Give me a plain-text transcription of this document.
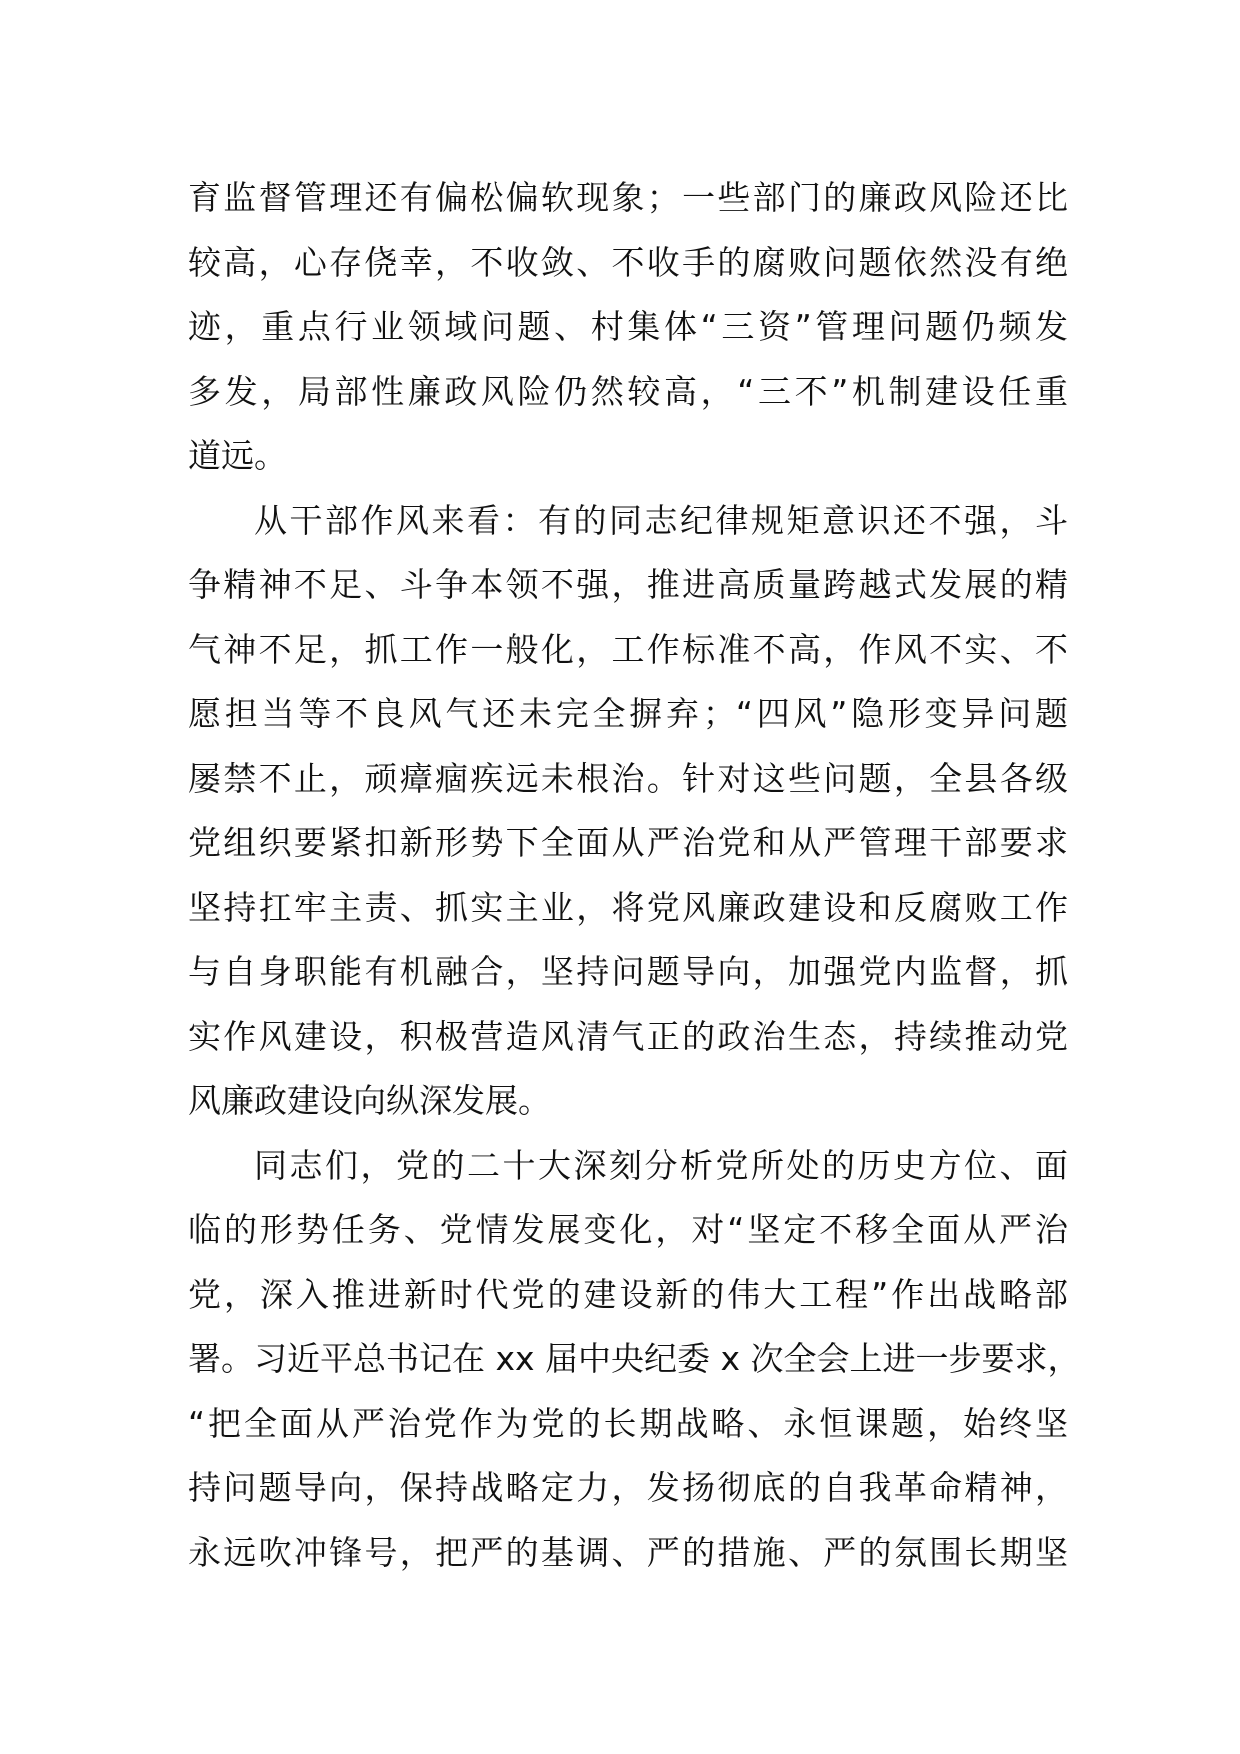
育监督管理还有偏松偏软现象；一些部门的廉政风险还比
较高，心存侥幸，不收敛、不收手的腐败问题依然没有绝
迹，重点行业领域问题、村集体“三资”管理问题仍频发
多发，局部性廉政风险仍然较高，“三不”机制建设任重
道远。
从干部作风来看：有的同志纪律规矩意识还不强，斗
争精神不足、斗争本领不强，推进高质量跨越式发展的精
气神不足，抓工作一般化，工作标准不高，作风不实、不
愿担当等不良风气还未完全摒弃；“四风”隐形变异问题
屡禁不止，顽瘴痼疾远未根治。针对这些问题，全县各级
党组织要紧扣新形势下全面从严治党和从严管理干部要求
坚持扛牢主责、抓实主业，将党风廉政建设和反腐败工作
与自身职能有机融合，坚持问题导向，加强党内监督，抓
实作风建设，积极营造风清气正的政治生态，持续推动党
风廉政建设向纵深发展。
同志们，党的二十大深刻分析党所处的历史方位、面
临的形势任务、党情发展变化，对“坚定不移全面从严治
党，深入推进新时代党的建设新的伟大工程”作出战略部
署。习近平总书记在 xx 届中央纪委 x 次全会上进一步要求，
“把全面从严治党作为党的长期战略、永恒课题，始终坚
持问题导向，保持战略定力，发扬彻底的自我革命精神，
永远吹冲锋号，把严的基调、严的措施、严的氛围长期坚
